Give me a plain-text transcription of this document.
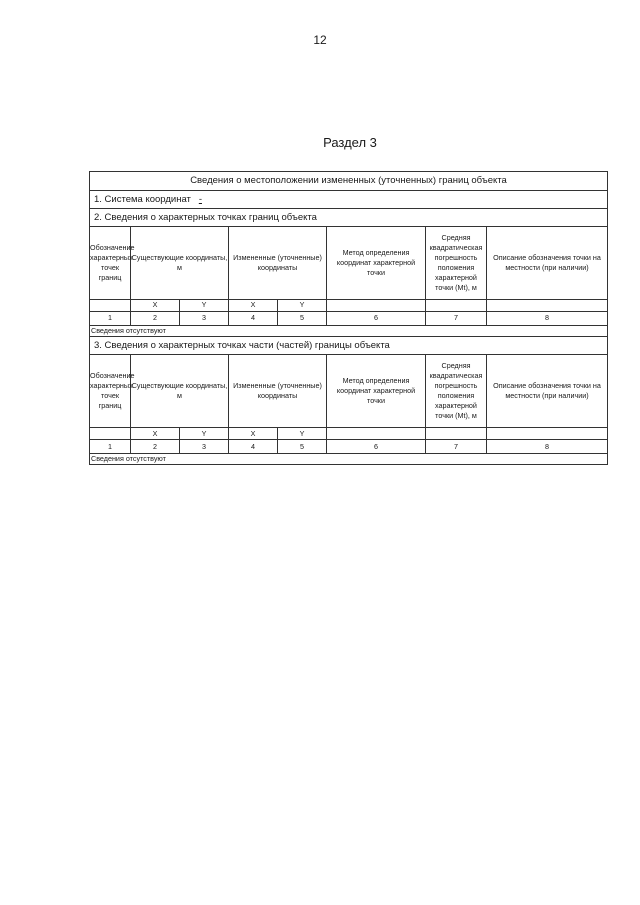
12
Раздел 3
Сведения о местоположении измененных (уточненных) границ объекта							
1. Система координат -							
2. Сведения о характерных точках границ объекта							
Обозначение характерных точек границ	Существующие координаты, м		Измененные (уточненные) координаты		Метод определения координат характерной точки	Средняя квадратическая погрешность положения характерной точки (Mt), м	Описание обозначения точки на местности (при наличии)
	X	Y	X	Y			
1	2	3	4	5	6	7	8
Сведения отсутствуют							
3. Сведения о характерных точках части (частей) границы объекта							
Обозначение характерных точек границ	Существующие координаты, м		Измененные (уточненные) координаты		Метод определения координат характерной точки	Средняя квадратическая погрешность положения характерной точки (Mt), м	Описание обозначения точки на местности (при наличии)
	X	Y	X	Y			
1	2	3	4	5	6	7	8
Сведения отсутствуют							
